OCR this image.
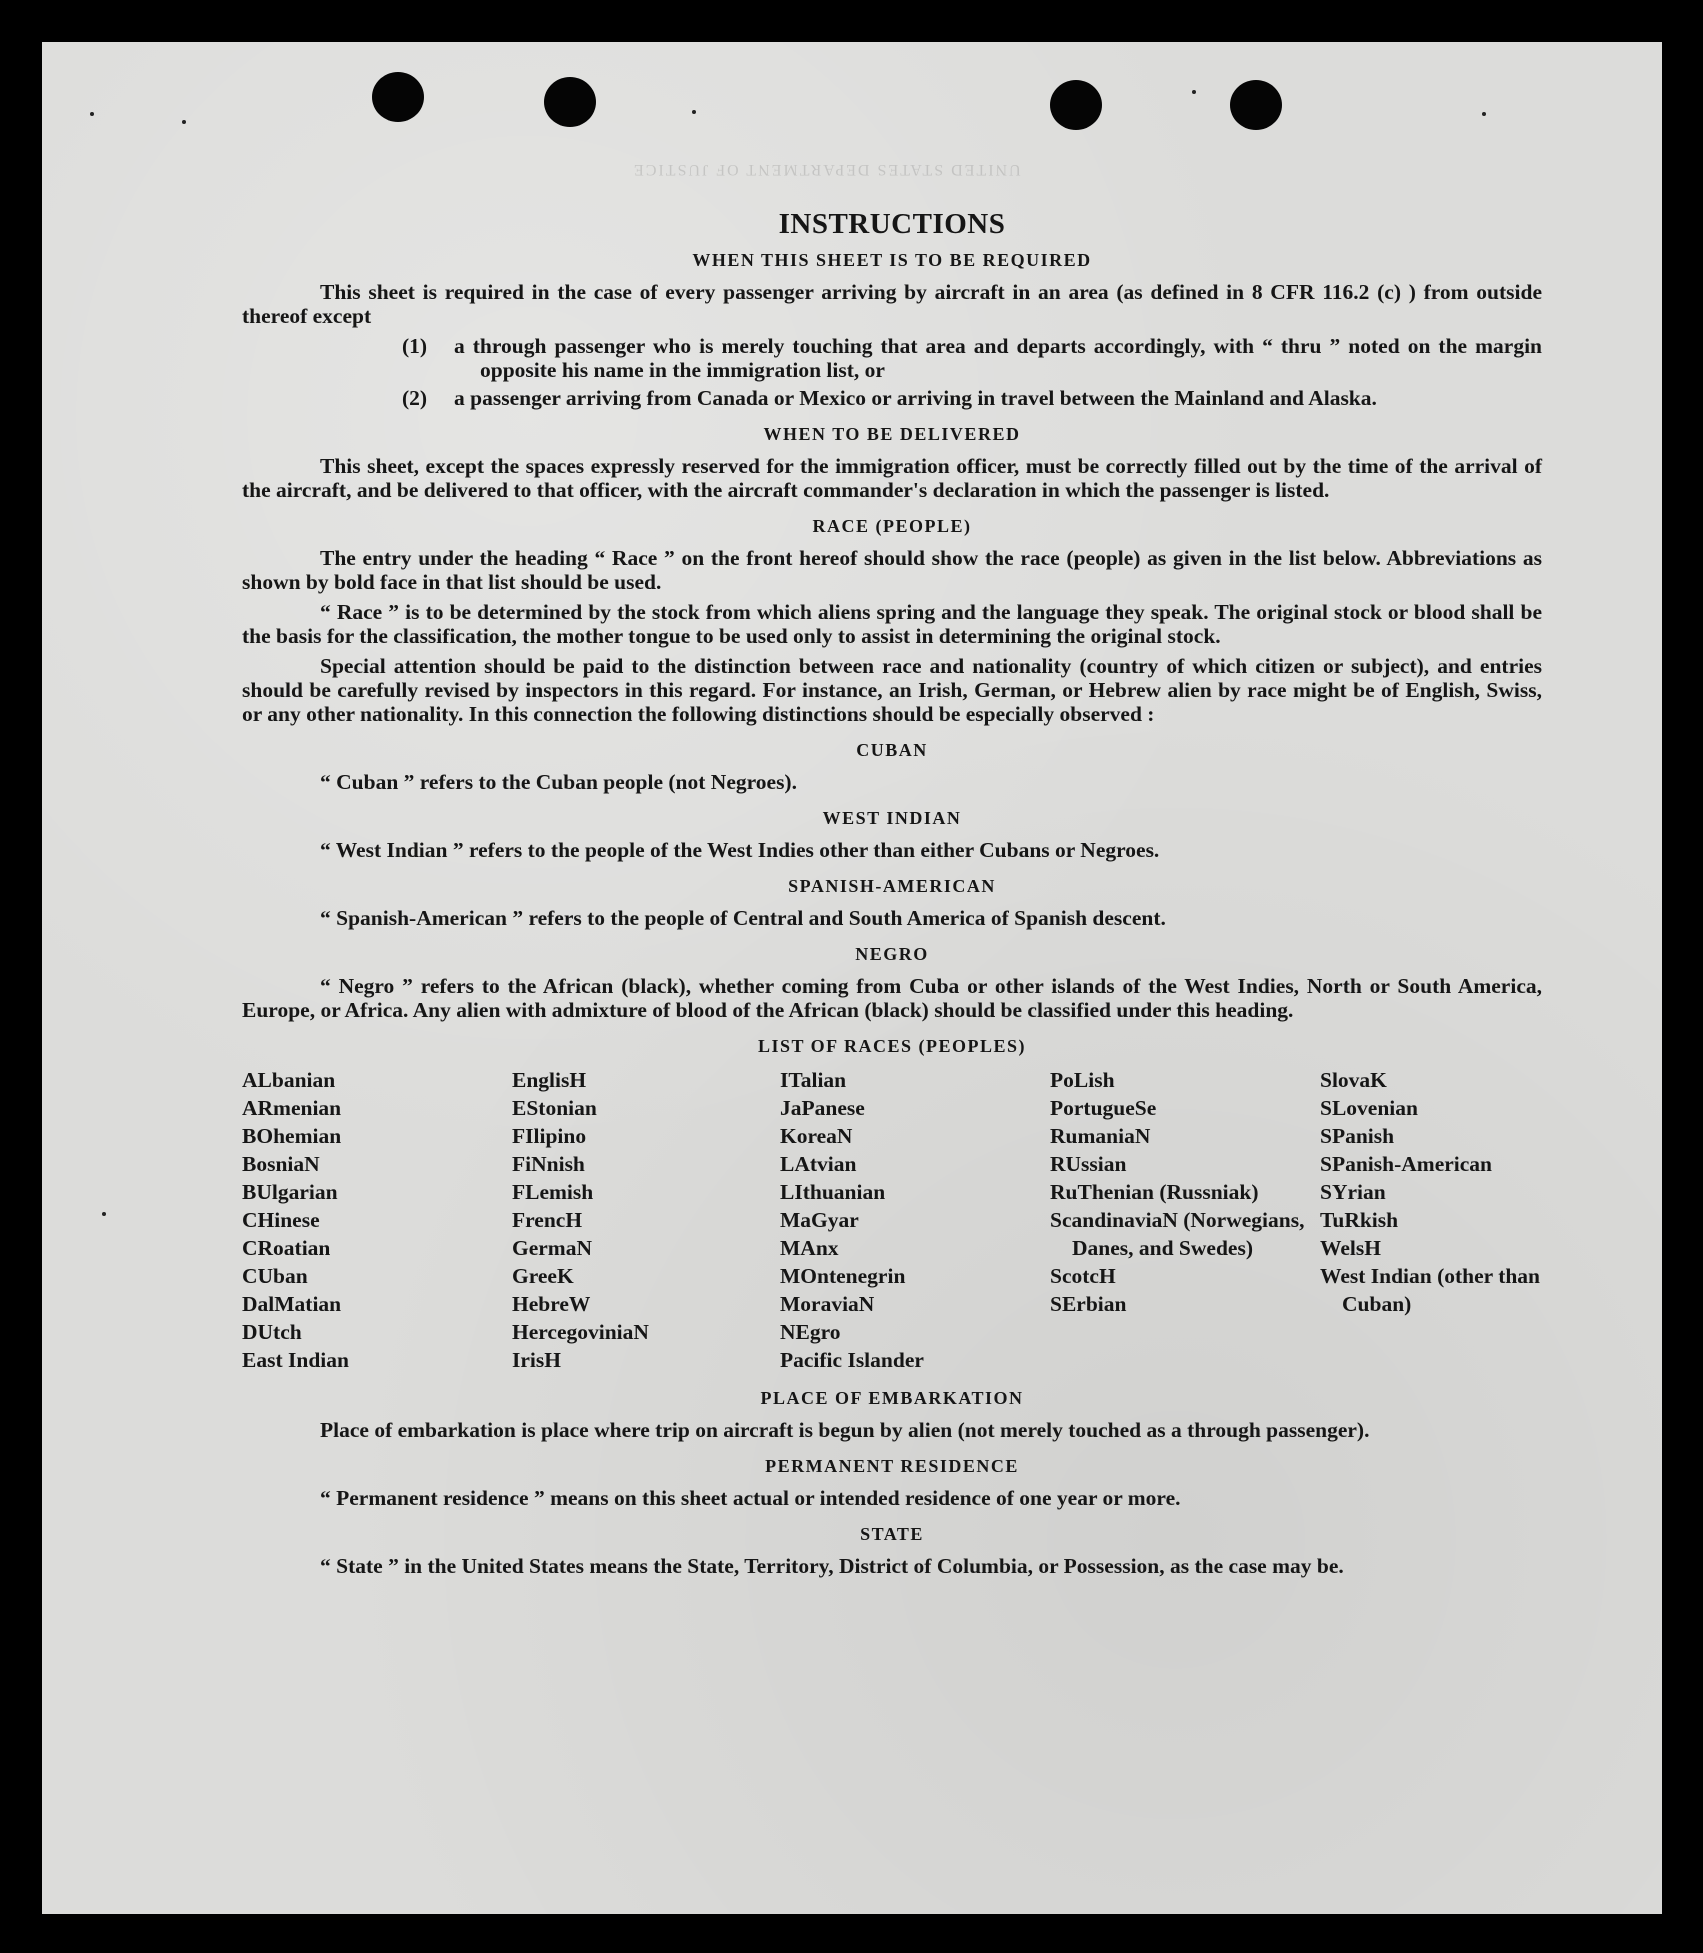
UNITED STATES DEPARTMENT OF JUSTICE
INSTRUCTIONS
WHEN THIS SHEET IS TO BE REQUIRED

This sheet is required in the case of every passenger arriving by aircraft in an area (as defined in 8 CFR 116.2 (c) ) from outside thereof except

(1)	a through passenger who is merely touching that area and departs accordingly, with “ thru ” noted on the margin opposite his name in the immigration list, or
(2)	a passenger arriving from Canada or Mexico or arriving in travel between the Mainland and Alaska.
WHEN TO BE DELIVERED

This sheet, except the spaces expressly reserved for the immigration officer, must be correctly filled out by the time of the arrival of the aircraft, and be delivered to that officer, with the aircraft commander's declaration in which the passenger is listed.

RACE (PEOPLE)

The entry under the heading “ Race ” on the front hereof should show the race (people) as given in the list below. Abbreviations as shown by bold face in that list should be used.

“ Race ” is to be determined by the stock from which aliens spring and the language they speak. The original stock or blood shall be the basis for the classification, the mother tongue to be used only to assist in determining the original stock.

Special attention should be paid to the distinction between race and nationality (country of which citizen or subject), and entries should be carefully revised by inspectors in this regard. For instance, an Irish, German, or Hebrew alien by race might be of English, Swiss, or any other nationality. In this connection the following distinctions should be especially observed :

CUBAN

“ Cuban ” refers to the Cuban people (not Negroes).

WEST INDIAN

“ West Indian ” refers to the people of the West Indies other than either Cubans or Negroes.

SPANISH-AMERICAN

“ Spanish-American ” refers to the people of Central and South America of Spanish descent.

NEGRO

“ Negro ” refers to the African (black), whether coming from Cuba or other islands of the West Indies, North or South America, Europe, or Africa. Any alien with admixture of blood of the African (black) should be classified under this heading.

LIST OF RACES (PEOPLES)
ALbanian
ARmenian
BOhemian
BosniaN
BUlgarian
CHinese
CRoatian
CUban
DalMatian
DUtch
East Indian
EnglisH
EStonian
FIlipino
FiNnish
FLemish
FrencH
GermaN
GreeK
HebreW
HercegoviniaN
IrisH
ITalian
JaPanese
KoreaN
LAtvian
LIthuanian
MaGyar
MAnx
MOntenegrin
MoraviaN
NEgro
Pacific Islander
PoLish
PortugueSe
RumaniaN
RUssian
RuThenian (Russniak)
ScandinaviaN (Norwegians, Danes, and Swedes)
ScotcH
SErbian
SlovaK
SLovenian
SPanish
SPanish-American
SYrian
TuRkish
WelsH
West Indian (other than Cuban)
PLACE OF EMBARKATION

Place of embarkation is place where trip on aircraft is begun by alien (not merely touched as a through passenger).

PERMANENT RESIDENCE

“ Permanent residence ” means on this sheet actual or intended residence of one year or more.

STATE

“ State ” in the United States means the State, Territory, District of Columbia, or Possession, as the case may be.
